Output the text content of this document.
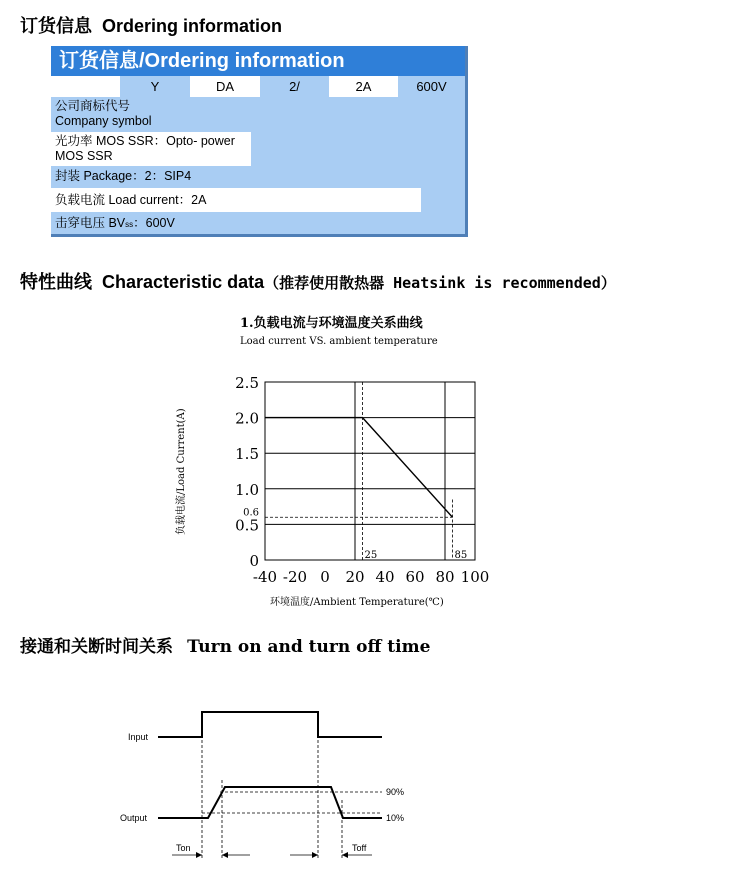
订货信息 Ordering information
订货信息/Ordering information
Y	DA	2/	2A	600V
公司商标代号
Company symbol
光功率 MOS SSR：Opto- power
MOS SSR
封装 Package：2：SIP4
负载电流 Load current：2A
击穿电压 BVss：600V
特性曲线 Characteristic data（推荐使用散热器 Heatsink is recommended）
1.负载电流与环境温度关系曲线
Load current VS. ambient temperature
0
0.5
1.0
1.5
2.0
2.5
-40 -20 0 20 40 60 80 100
25	85
0.6
环境温度/Ambient Temperature(℃)
负载电流/Load Current(A)
接通和关断时间关系 Turn on and turn off time
Input
Output
90%
10%
Ton	Toff
